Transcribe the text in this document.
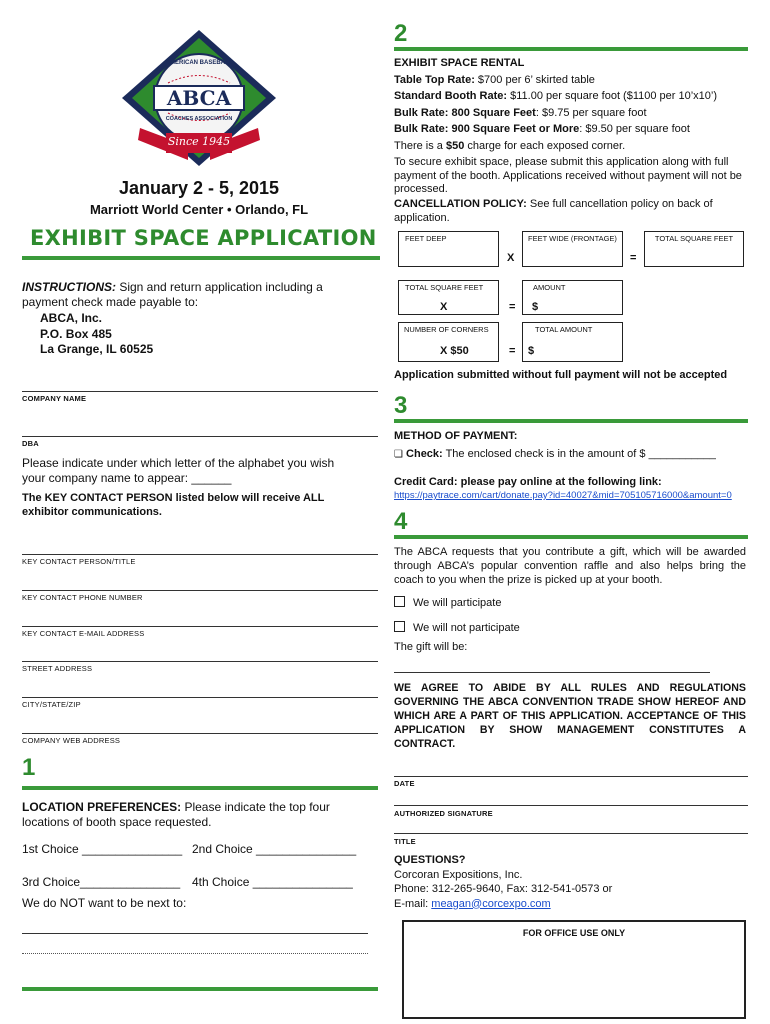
ABCA
AMERICAN BASEBALL
COACHES ASSOCIATION
Since 1945
January 2 - 5, 2015
Marriott World Center • Orlando, FL
EXHIBIT SPACE APPLICATION
INSTRUCTIONS: Sign and return application including a payment check made payable to:
ABCA, Inc.
P.O. Box 485
La Grange, IL 60525
COMPANY NAME
DBA
Please indicate under which letter of the alphabet you wish your company name to appear: ______
The KEY CONTACT PERSON listed below will receive ALL exhibitor communications.
KEY CONTACT PERSON/TITLE
KEY CONTACT PHONE NUMBER
KEY CONTACT E-MAIL ADDRESS
STREET ADDRESS
CITY/STATE/ZIP
COMPANY WEB ADDRESS
1
LOCATION PREFERENCES: Please indicate the top four locations of booth space requested.
1st Choice _______________ 2nd Choice _______________
3rd Choice_______________ 4th Choice _______________
We do NOT want to be next to:
2
EXHIBIT SPACE RENTAL
Table Top Rate: $700 per 6’ skirted table
Standard Booth Rate: $11.00 per square foot ($1100 per 10’x10’)
Bulk Rate: 800 Square Feet: $9.75 per square foot
Bulk Rate: 900 Square Feet or More: $9.50 per square foot
There is a $50 charge for each exposed corner.
To secure exhibit space, please submit this application along with full payment of the booth. Applications received without payment will not be processed.
CANCELLATION POLICY: See full cancellation policy on back of application.
FEET DEEP
X
FEET WIDE (FRONTAGE)
=
TOTAL SQUARE FEET
TOTAL SQUARE FEET
X	=
AMOUNT
$
NUMBER OF CORNERS
X $50	=
TOTAL AMOUNT
$
Application submitted without full payment will not be accepted
3
METHOD OF PAYMENT:
❏ Check: The enclosed check is in the amount of $ ___________
Credit Card: please pay online at the following link:
https://paytrace.com/cart/donate.pay?id=40027&mid=705105716000&amount=0
4
The ABCA requests that you contribute a gift, which will be awarded through ABCA’s popular convention raffle and also helps bring the coach to you when the prize is picked up at your booth.
We will participate
We will not participate
The gift will be:
WE AGREE TO ABIDE BY ALL RULES AND REGULATIONS GOVERNING THE ABCA CONVENTION TRADE SHOW HEREOF AND WHICH ARE A PART OF THIS APPLICATION. ACCEPTANCE OF THIS APPLICATION BY SHOW MANAGEMENT CONSTITUTES A CONTRACT.
DATE
AUTHORIZED SIGNATURE
TITLE
QUESTIONS?
Corcoran Expositions, Inc.
Phone: 312-265-9640, Fax: 312-541-0573 or
E-mail: meagan@corcexpo.com
FOR OFFICE USE ONLY
